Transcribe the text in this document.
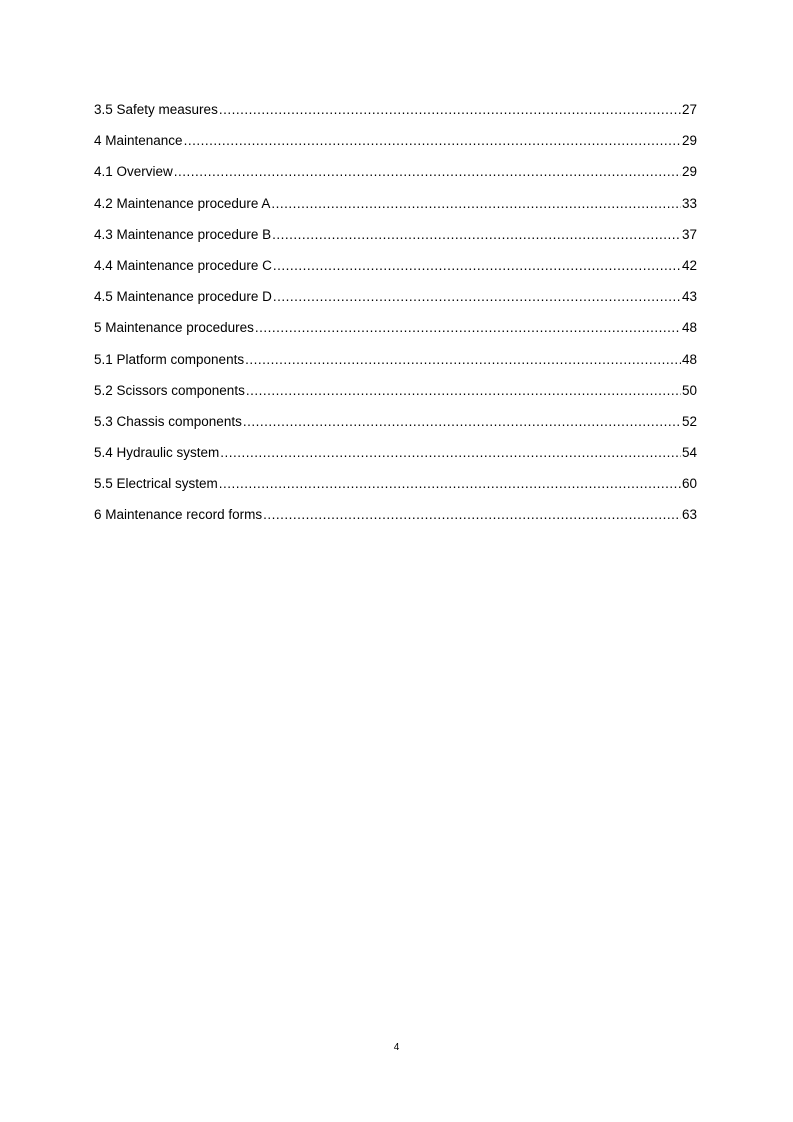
3.5 Safety measures .....	27
4 Maintenance .....	29
4.1 Overview .....	29
4.2 Maintenance procedure A .....	33
4.3 Maintenance procedure B .....	37
4.4 Maintenance procedure C .....	42
4.5 Maintenance procedure D .....	43
5 Maintenance procedures .....	48
5.1 Platform components .....	48
5.2 Scissors components .....	50
5.3 Chassis components .....	52
5.4 Hydraulic system .....	54
5.5 Electrical system .....	60
6 Maintenance record forms .....	63
4
